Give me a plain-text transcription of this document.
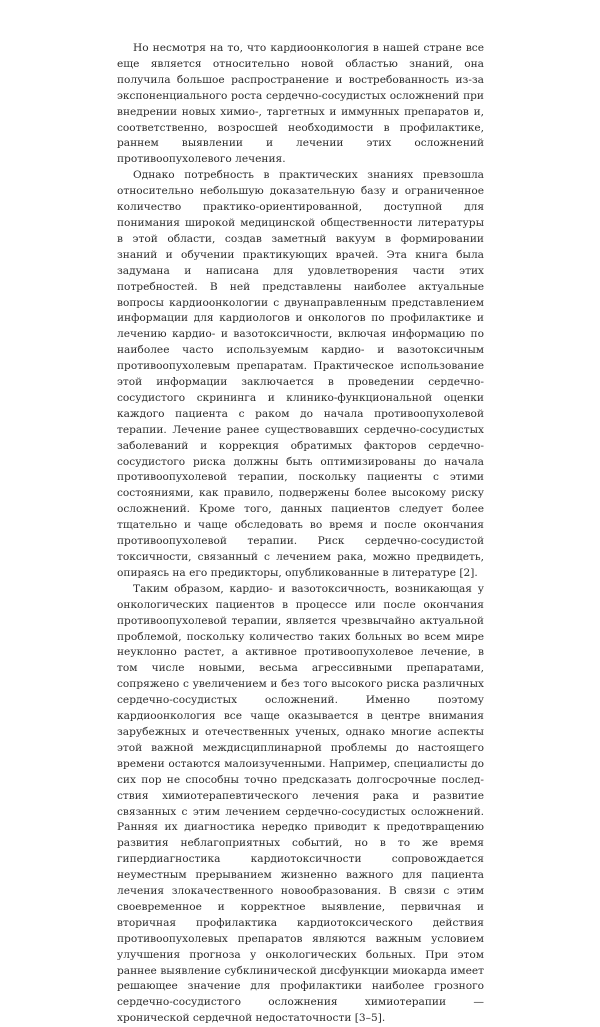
Но несмотря на то, что кардиоонкология в нашей стране все еще является относительно новой областью знаний, она получила большое распространение и востребованность из-за экспоненциального роста сердечно-сосудистых осложнений при внедрении новых химио-, таргетных и иммунных препаратов и, соответственно, возросшей необходимости в профилактике, раннем выявлении и лечении этих осложнений противоопухолевого лечения.

Однако потребность в практических знаниях превзошла относительно небольшую доказательную базу и ограниченное количество практико-ориентированной, доступной для понимания широкой медицинской общественности литературы в этой области, создав заметный вакуум в формировании знаний и обучении практикующих врачей. Эта книга была задумана и написана для удовлетворения части этих потребностей. В ней представлены наиболее актуальные вопросы кардиоонкологии с двунаправленным представлением информации для кардиологов и онкологов по профилактике и лечению кардио- и вазотоксичности, включая информацию по наиболее часто используемым кардио- и вазотоксичным противоопухолевым препаратам. Практическое использование этой информации заключается в проведении сердечно-сосудистого скрининга и клинико-функциональной оценки каждого пациента с раком до начала противоопухолевой терапии. Лечение ранее существовавших сердечно-сосудистых заболеваний и коррекция обратимых факторов сердечно-сосудистого риска должны быть оптимизированы до начала противоопухолевой терапии, поскольку пациенты с этими состояниями, как правило, подвержены более высокому риску осложнений. Кроме того, данных пациентов следует более тщательно и чаще обследовать во время и после окончания противоопухолевой терапии. Риск сердечно-сосудистой токсичности, связанный с лечением рака, можно предвидеть, опираясь на его предикторы, опубликованные в литературе [2].

Таким образом, кардио- и вазотоксичность, возникающая у онкологических пациентов в процессе или после окончания противоопухолевой терапии, является чрезвычайно актуальной проблемой, поскольку количество таких больных во всем мире неуклонно растет, а активное противоопухолевое лечение, в том числе новыми, весьма агрессивными препаратами, сопряжено с увеличением и без того высокого риска различных сердечно-сосудистых осложнений. Именно поэтому кардиоонкология все чаще оказывается в центре внимания зарубежных и отечественных ученых, однако многие аспекты этой важной междисциплинарной проблемы до настоящего времени остаются малоизученными. Например, специалисты до сих пор не способны точно предсказать долгосрочные последствия химиотерапевтического лечения рака и развитие связанных с этим лечением сердечно-сосудистых осложнений. Ранняя их диагностика нередко приводит к предотвращению развития неблагоприятных событий, но в то же время гипердиагностика кардиотоксичности сопровождается неуместным прерыванием жизненно важного для пациента лечения злокачественного новообразования. В связи с этим своевременное и корректное выявление, первичная и вторичная профилактика кардиотоксического действия противоопухолевых препаратов являются важным условием улучшения прогноза у онкологических больных. При этом раннее выявление субклинической дисфункции миокарда имеет решающее значение для профилактики наиболее грозного сердечно-сосудистого осложнения химиотерапии — хронической сердечной недостаточности [3–5].
